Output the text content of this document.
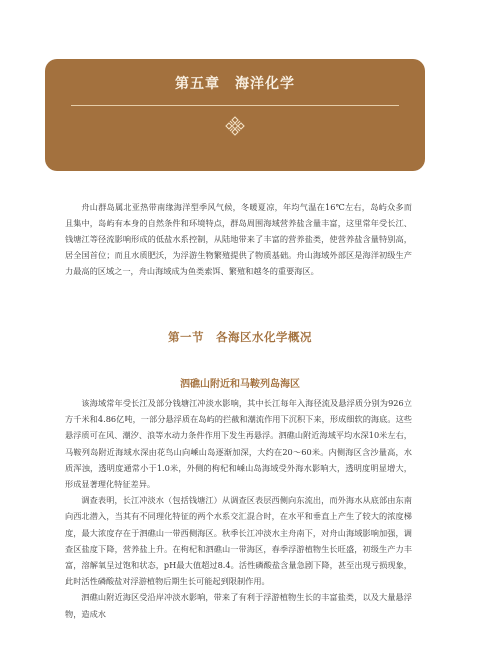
第五章　海洋化学
舟山群岛属北亚热带南缘海洋型季风气候，冬暖夏凉，年均气温在16℃左右，岛屿众多而且集中，岛屿有本身的自然条件和环境特点，群岛周围海域营养盐含量丰富，这里常年受长江、钱塘江等径流影响形成的低盐水系控制，从陆地带来了丰富的营养盐类，使营养盐含量特别高，居全国首位；而且水质肥沃，为浮游生物繁殖提供了物质基础。舟山海域外部区是海洋初级生产力最高的区域之一，舟山海域成为鱼类索饵、繁殖和越冬的重要海区。
第一节　各海区水化学概况
泗礁山附近和马鞍列岛海区

该海域常年受长江及部分钱塘江冲淡水影响，其中长江每年入海径流及悬浮质分别为926立方千米和4.86亿吨，一部分悬浮质在岛屿的拦截和潮流作用下沉积下来，形成细软的海底。这些悬浮质可在风、潮汐、浪等水动力条件作用下发生再悬浮。泗礁山附近海域平均水深10米左右，马鞍列岛附近海域水深由花鸟山向嵊山岛逐渐加深，大约在20～60米。内侧海区含沙量高，水质浑浊，透明度通常小于1.0米，外侧的枸杞和嵊山岛海域受外海水影响大，透明度明显增大，形成显著理化特征差异。

调查表明，长江冲淡水（包括钱塘江）从调查区表层西侧向东流出，而外海水从底部由东南向西北潜入，当其有不同理化特征的两个水系交汇混合时，在水平和垂直上产生了较大的浓度梯度，最大浓度存在于泗礁山一带西侧海区。秋季长江冲淡水主舟南下，对舟山海域影响加强，调查区盐度下降，营养盐上升。在枸杞和泗礁山一带海区，春季浮游植物生长旺盛，初级生产力丰富，溶解氧呈过饱和状态，pH最大值超过8.4。活性磷酸盐含量急剧下降，甚至出现亏损现象，此时活性磷酸盐对浮游植物后期生长可能起到限制作用。

泗礁山附近海区受沿岸冲淡水影响，带来了有利于浮游植物生长的丰富盐类，以及大量悬浮物，造成水
